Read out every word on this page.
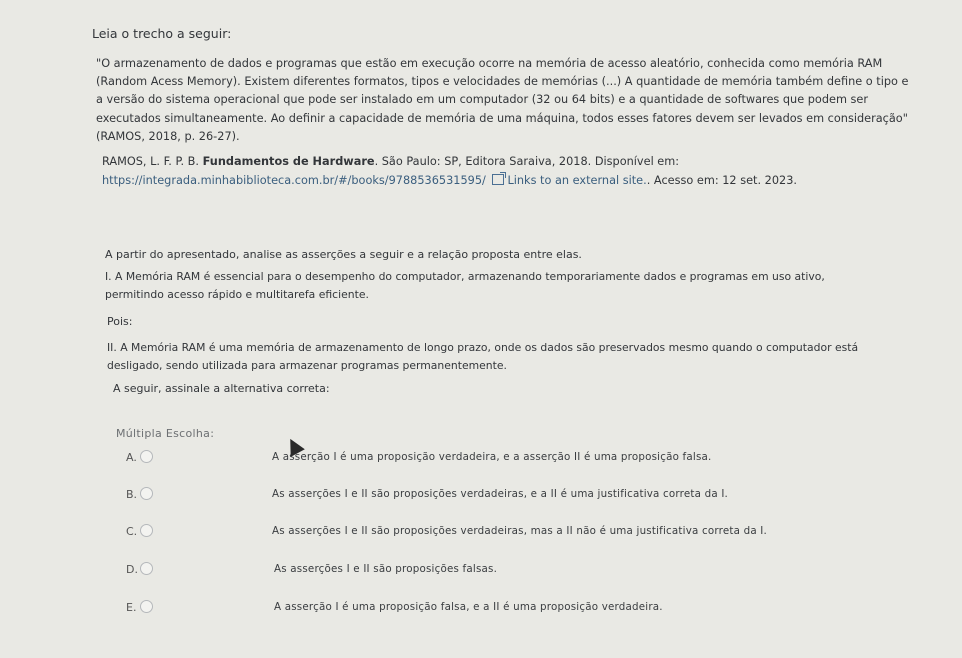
Leia o trecho a seguir:
"O armazenamento de dados e programas que estão em execução ocorre na memória de acesso aleatório, conhecida como memória RAM (Random Acess Memory). Existem diferentes formatos, tipos e velocidades de memórias (...) A quantidade de memória também define o tipo e a versão do sistema operacional que pode ser instalado em um computador (32 ou 64 bits) e a quantidade de softwares que podem ser executados simultaneamente. Ao definir a capacidade de memória de uma máquina, todos esses fatores devem ser levados em consideração" (RAMOS, 2018, p. 26-27).
RAMOS, L. F. P. B. Fundamentos de Hardware. São Paulo: SP, Editora Saraiva, 2018. Disponível em:
https://integrada.minhabiblioteca.com.br/#/books/9788536531595/ Links to an external site.. Acesso em: 12 set. 2023.
A partir do apresentado, analise as asserções a seguir e a relação proposta entre elas.
I. A Memória RAM é essencial para o desempenho do computador, armazenando temporariamente dados e programas em uso ativo, permitindo acesso rápido e multitarefa eficiente.
Pois:
II. A Memória RAM é uma memória de armazenamento de longo prazo, onde os dados são preservados mesmo quando o computador está desligado, sendo utilizada para armazenar programas permanentemente.
A seguir, assinale a alternativa correta:
Múltipla Escolha:
A.	A asserção I é uma proposição verdadeira, e a asserção II é uma proposição falsa.
B.	As asserções I e II são proposições verdadeiras, e a II é uma justificativa correta da I.
C.	As asserções I e II são proposições verdadeiras, mas a II não é uma justificativa correta da I.
D.	As asserções I e II são proposições falsas.
E.	A asserção I é uma proposição falsa, e a II é uma proposição verdadeira.
